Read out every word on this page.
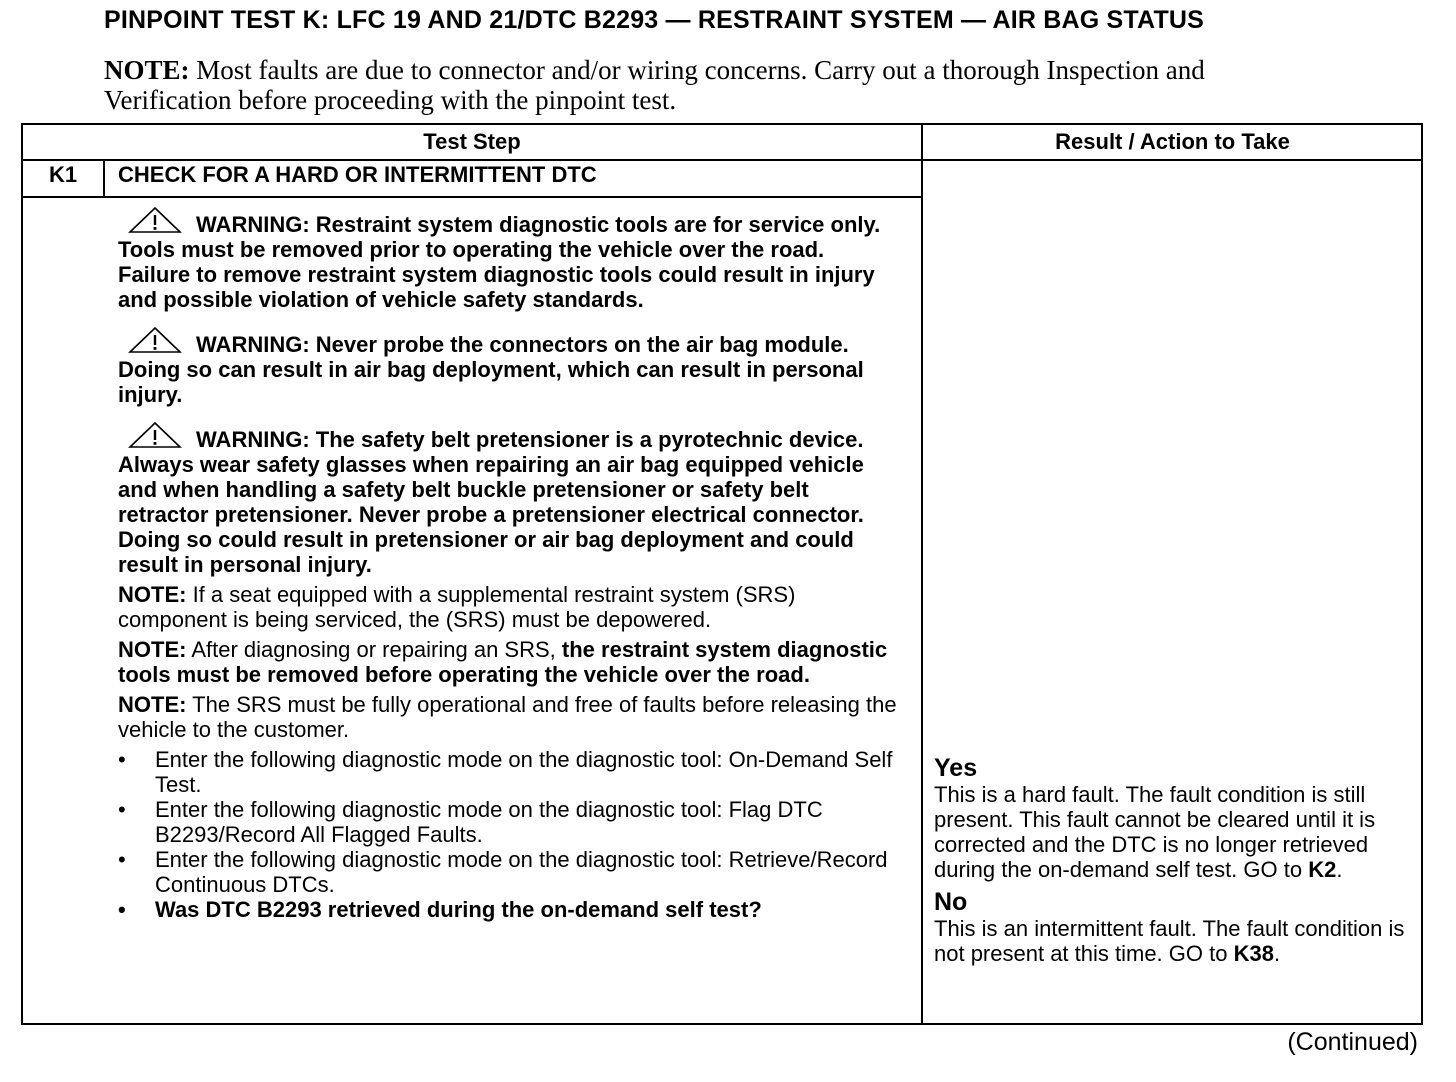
PINPOINT TEST K: LFC 19 AND 21/DTC B2293 — RESTRAINT SYSTEM — AIR BAG STATUS
NOTE: Most faults are due to connector and/or wiring concerns. Carry out a thorough Inspection and Verification before proceeding with the pinpoint test.
Test Step	Result / Action to Take
K1	CHECK FOR A HARD OR INTERMITTENT DTC

WARNING: Restraint system diagnostic tools are for service only. Tools must be removed prior to operating the vehicle over the road. Failure to remove restraint system diagnostic tools could result in injury and possible violation of vehicle safety standards.

WARNING: Never probe the connectors on the air bag module. Doing so can result in air bag deployment, which can result in personal injury.

WARNING: The safety belt pretensioner is a pyrotechnic device. Always wear safety glasses when repairing an air bag equipped vehicle and when handling a safety belt buckle pretensioner or safety belt retractor pretensioner. Never probe a pretensioner electrical connector. Doing so could result in pretensioner or air bag deployment and could result in personal injury.

NOTE: If a seat equipped with a supplemental restraint system (SRS) component is being serviced, the (SRS) must be depowered.

NOTE: After diagnosing or repairing an SRS, the restraint system diagnostic tools must be removed before operating the vehicle over the road.

NOTE: The SRS must be fully operational and free of faults before releasing the vehicle to the customer.

• Enter the following diagnostic mode on the diagnostic tool: On-Demand Self Test.
• Enter the following diagnostic mode on the diagnostic tool: Flag DTC B2293/Record All Flagged Faults.
• Enter the following diagnostic mode on the diagnostic tool: Retrieve/Record Continuous DTCs.
• Was DTC B2293 retrieved during the on-demand self test?
Yes

This is a hard fault. The fault condition is still present. This fault cannot be cleared until it is corrected and the DTC is no longer retrieved during the on-demand self test. GO to K2.

No

This is an intermittent fault. The fault condition is not present at this time. GO to K38.

(Continued)
